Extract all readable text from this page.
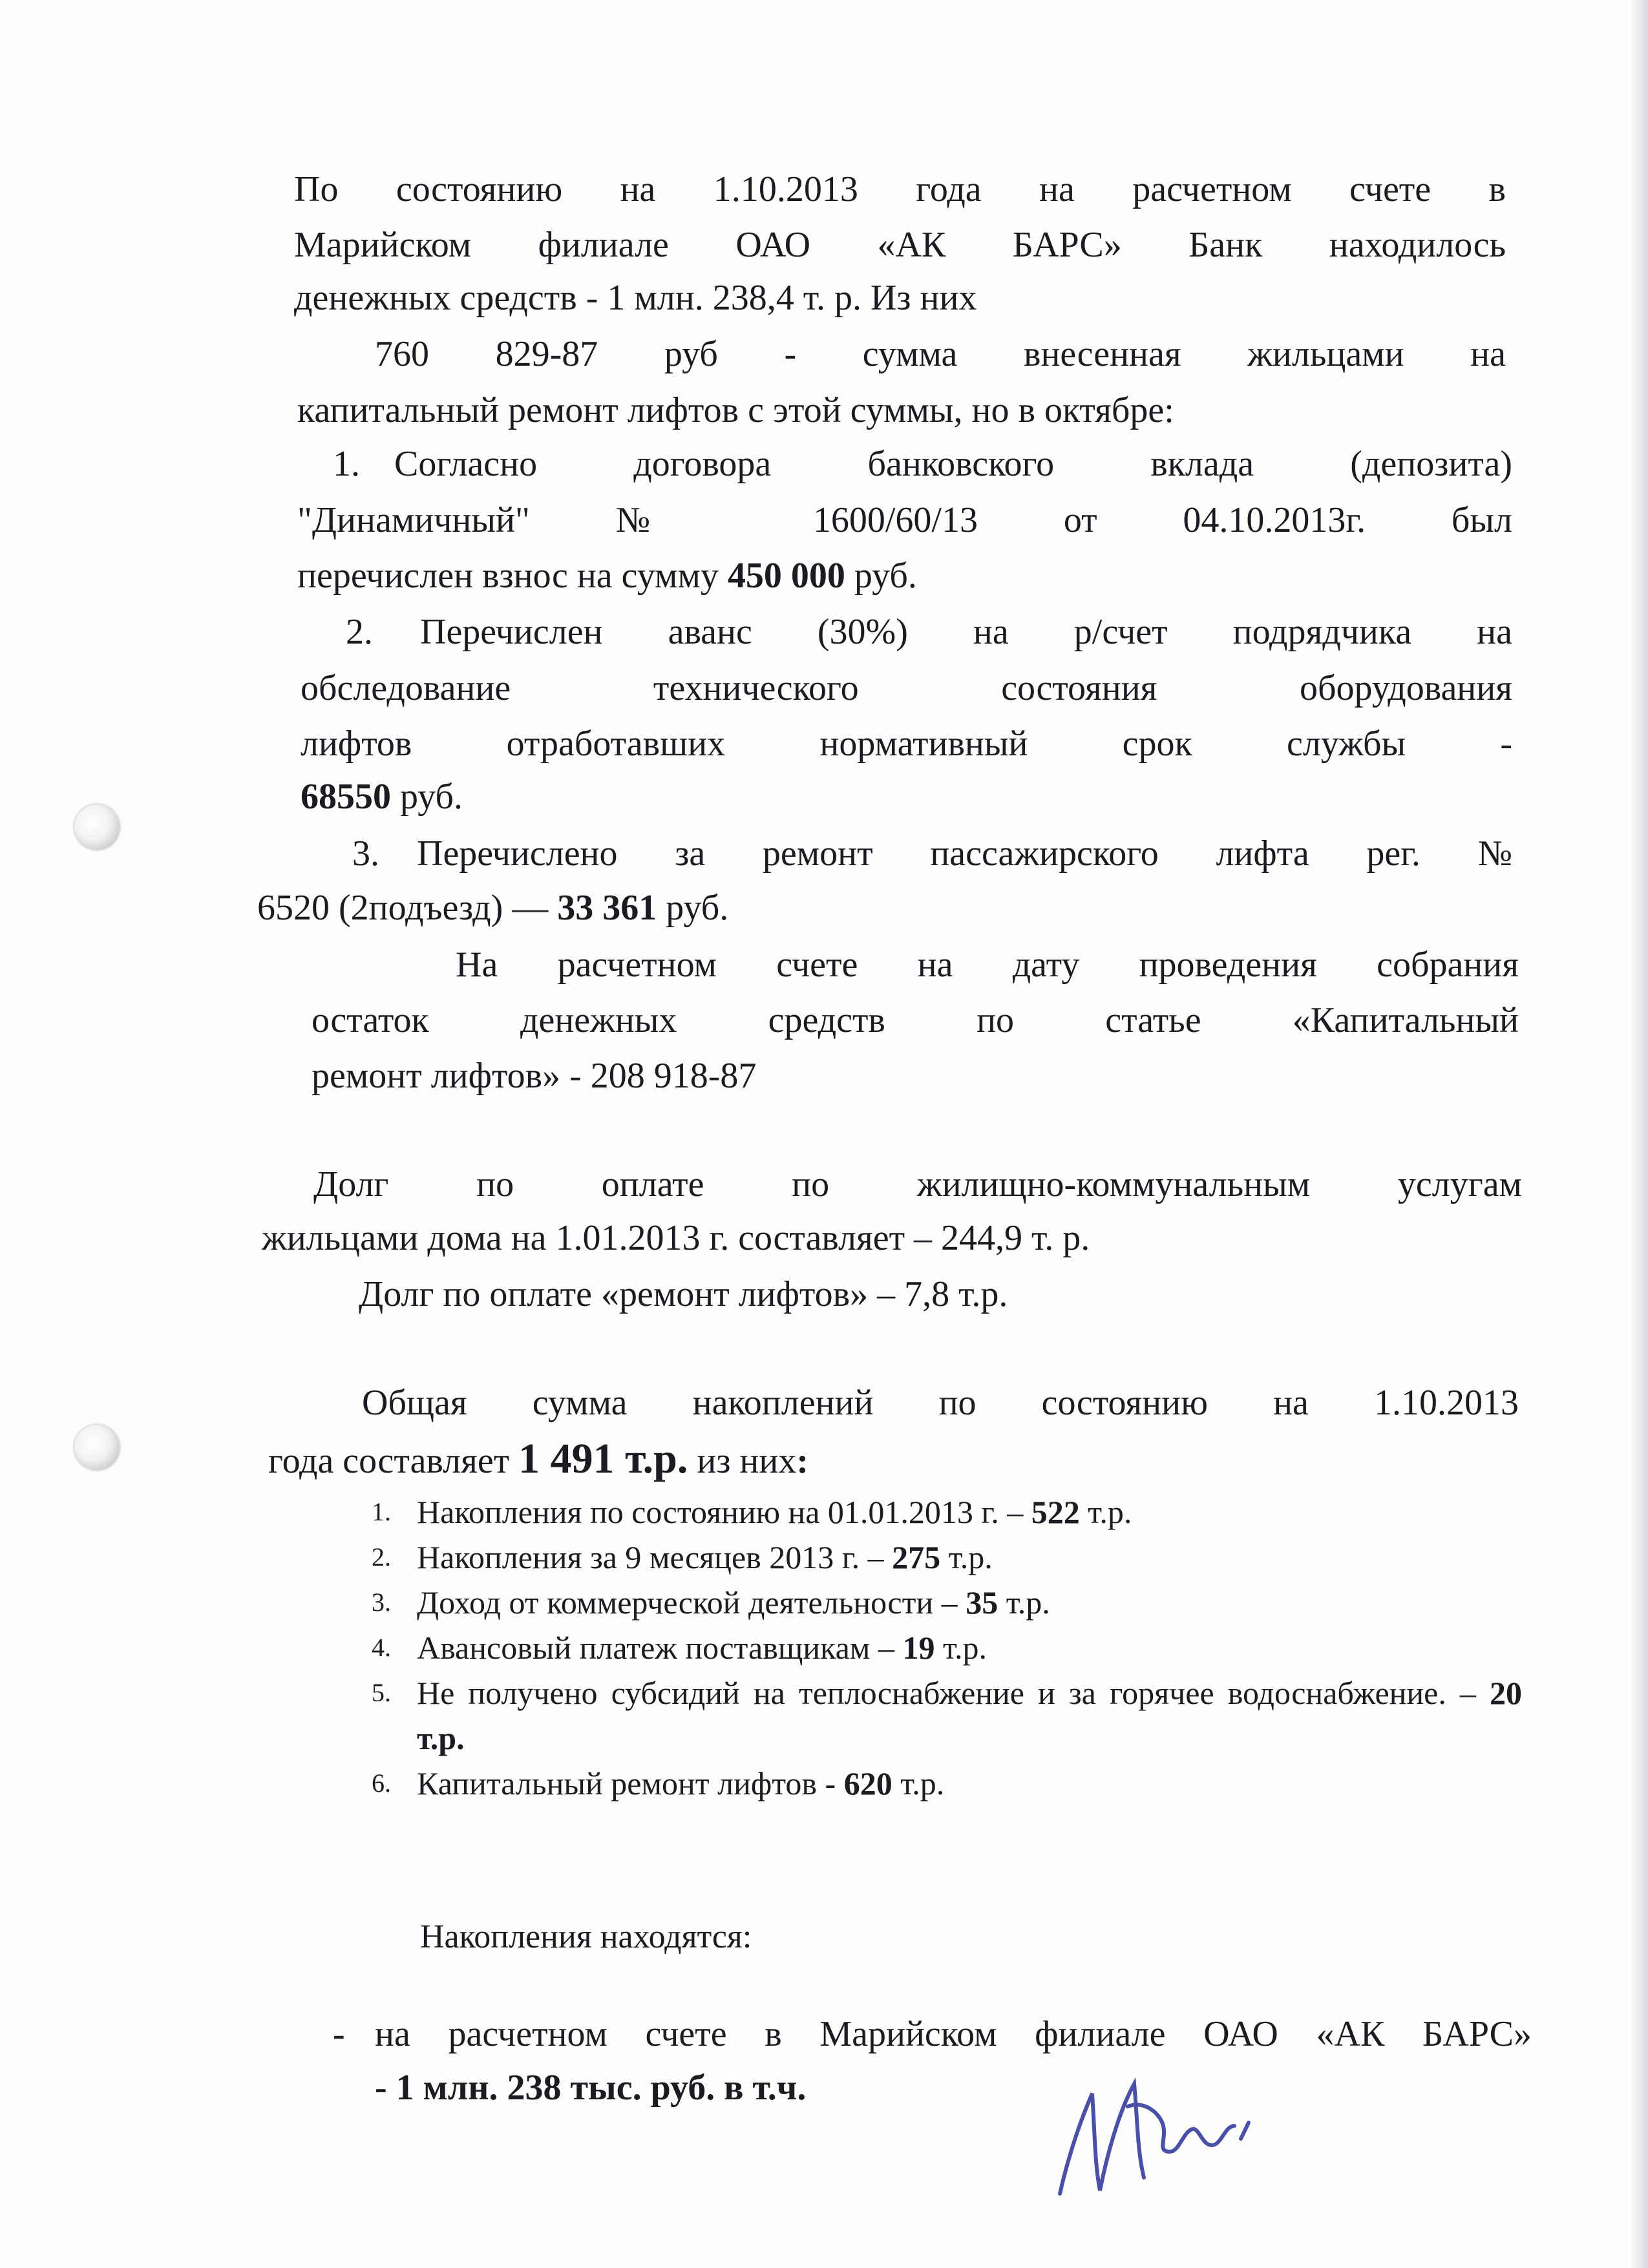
По состоянию на 1.10.2013 года на расчетном счете в
Марийском филиале ОАО «АК БАРС» Банк находилось
денежных средств - 1 млн. 238,4 т. р. Из них
760 829-87 руб - сумма внесенная жильцами на
капитальный ремонт лифтов с этой суммы, но в октябре:
1. Согласно договора банковского вклада (депозита)
"Динамичный" № 1600/60/13 от 04.10.2013г. был
перечислен взнос на сумму 450 000 руб.
2. Перечислен аванс (30%) на р/счет подрядчика на
обследование технического состояния оборудования
лифтов отработавших нормативный срок службы -
68550 руб.
3. Перечислено за ремонт пассажирского лифта рег. №
6520 (2подъезд) — 33 361 руб.
На расчетном счете на дату проведения собрания
остаток денежных средств по статье «Капитальный
ремонт лифтов» - 208 918-87
Долг по оплате по жилищно-коммунальным услугам
жильцами дома на 1.01.2013 г. составляет – 244,9 т. р.
Долг по оплате «ремонт лифтов» – 7,8 т.р.
Общая сумма накоплений по состоянию на 1.10.2013
года составляет 1 491 т.р. из них:
1. Накопления по состоянию на 01.01.2013 г. – 522 т.р.
2. Накопления за 9 месяцев 2013 г. – 275 т.р.
3. Доход от коммерческой деятельности – 35 т.р.
4. Авансовый платеж поставщикам – 19 т.р.
5. Не получено субсидий на теплоснабжение и за горячее водоснабжение. – 20 т.р.
6. Капитальный ремонт лифтов - 620 т.р.
Накопления находятся:
- на расчетном счете в Марийском филиале ОАО «АК БАРС»
- 1 млн. 238 тыс. руб. в т.ч.
